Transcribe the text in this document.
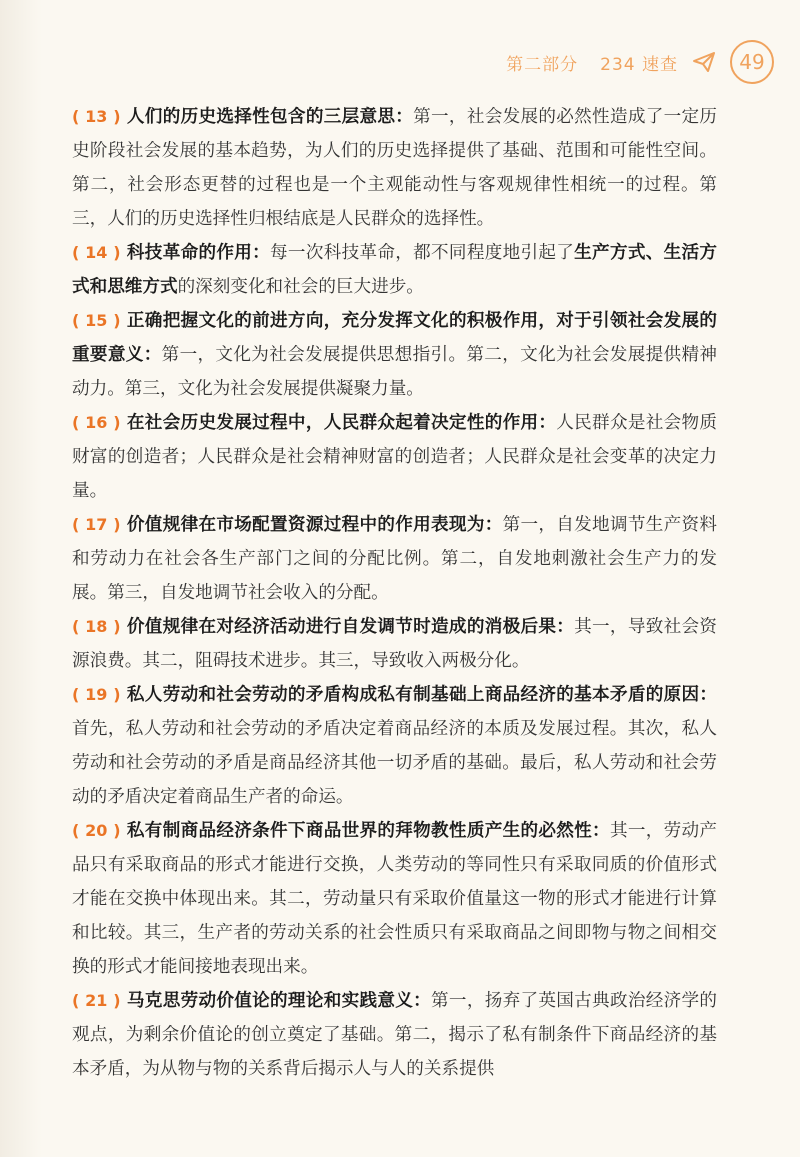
第二部分 234 速查	49

( 13 ) 人们的历史选择性包含的三层意思：第一，社会发展的必然性造成了一定历史阶段社会发展的基本趋势，为人们的历史选择提供了基础、范围和可能性空间。第二，社会形态更替的过程也是一个主观能动性与客观规律性相统一的过程。第三，人们的历史选择性归根结底是人民群众的选择性。

( 14 ) 科技革命的作用：每一次科技革命，都不同程度地引起了生产方式、生活方式和思维方式的深刻变化和社会的巨大进步。

( 15 ) 正确把握文化的前进方向，充分发挥文化的积极作用，对于引领社会发展的重要意义：第一，文化为社会发展提供思想指引。第二，文化为社会发展提供精神动力。第三，文化为社会发展提供凝聚力量。

( 16 ) 在社会历史发展过程中，人民群众起着决定性的作用：人民群众是社会物质财富的创造者；人民群众是社会精神财富的创造者；人民群众是社会变革的决定力量。

( 17 ) 价值规律在市场配置资源过程中的作用表现为：第一，自发地调节生产资料和劳动力在社会各生产部门之间的分配比例。第二，自发地刺激社会生产力的发展。第三，自发地调节社会收入的分配。

( 18 ) 价值规律在对经济活动进行自发调节时造成的消极后果：其一，导致社会资源浪费。其二，阻碍技术进步。其三，导致收入两极分化。

( 19 ) 私人劳动和社会劳动的矛盾构成私有制基础上商品经济的基本矛盾的原因：首先，私人劳动和社会劳动的矛盾决定着商品经济的本质及发展过程。其次，私人劳动和社会劳动的矛盾是商品经济其他一切矛盾的基础。最后，私人劳动和社会劳动的矛盾决定着商品生产者的命运。

( 20 ) 私有制商品经济条件下商品世界的拜物教性质产生的必然性：其一，劳动产品只有采取商品的形式才能进行交换，人类劳动的等同性只有采取同质的价值形式才能在交换中体现出来。其二，劳动量只有采取价值量这一物的形式才能进行计算和比较。其三，生产者的劳动关系的社会性质只有采取商品之间即物与物之间相交换的形式才能间接地表现出来。

( 21 ) 马克思劳动价值论的理论和实践意义：第一，扬弃了英国古典政治经济学的观点，为剩余价值论的创立奠定了基础。第二，揭示了私有制条件下商品经济的基本矛盾，为从物与物的关系背后揭示人与人的关系提供
